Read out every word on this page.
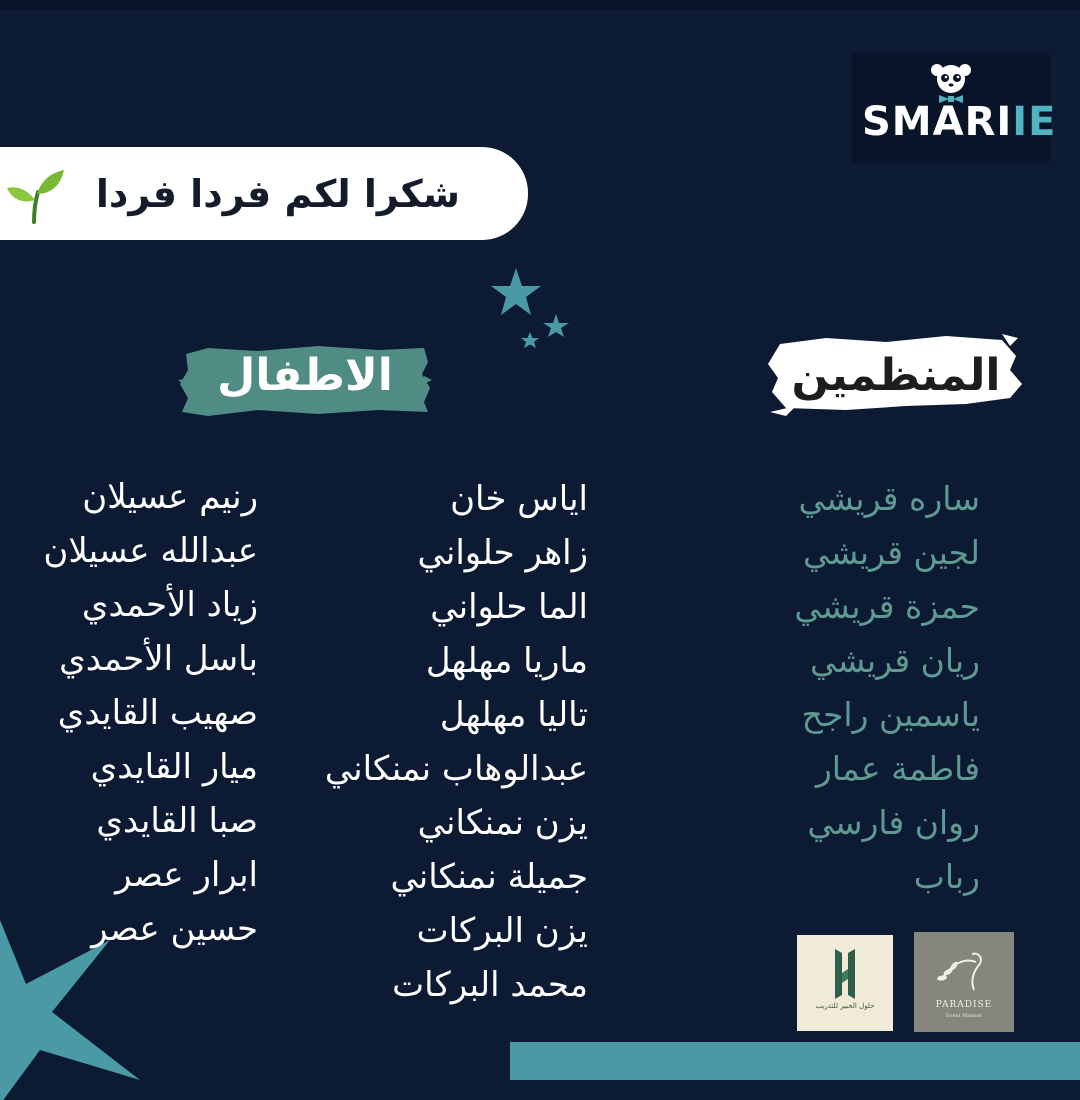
SMARIIE
شكرا لكم فردا فردا
الاطفال	المنظمين
رنيم عسيلان
عبدالله عسيلان
زياد الأحمدي
باسل الأحمدي
صهيب القايدي
ميار القايدي
صبا القايدي
ابرار عصر
حسين عصر
اياس خان
زاهر حلواني
الما حلواني
ماريا مهلهل
تاليا مهلهل
عبدالوهاب نمنكاني
يزن نمنكاني
جميلة نمنكاني
يزن البركات
محمد البركات
ساره قريشي
لجين قريشي
حمزة قريشي
ريان قريشي
ياسمين راجح
فاطمة عمار
روان فارسي
رباب
حلول الخبير للتدريب	PARADISE
Event Planner
